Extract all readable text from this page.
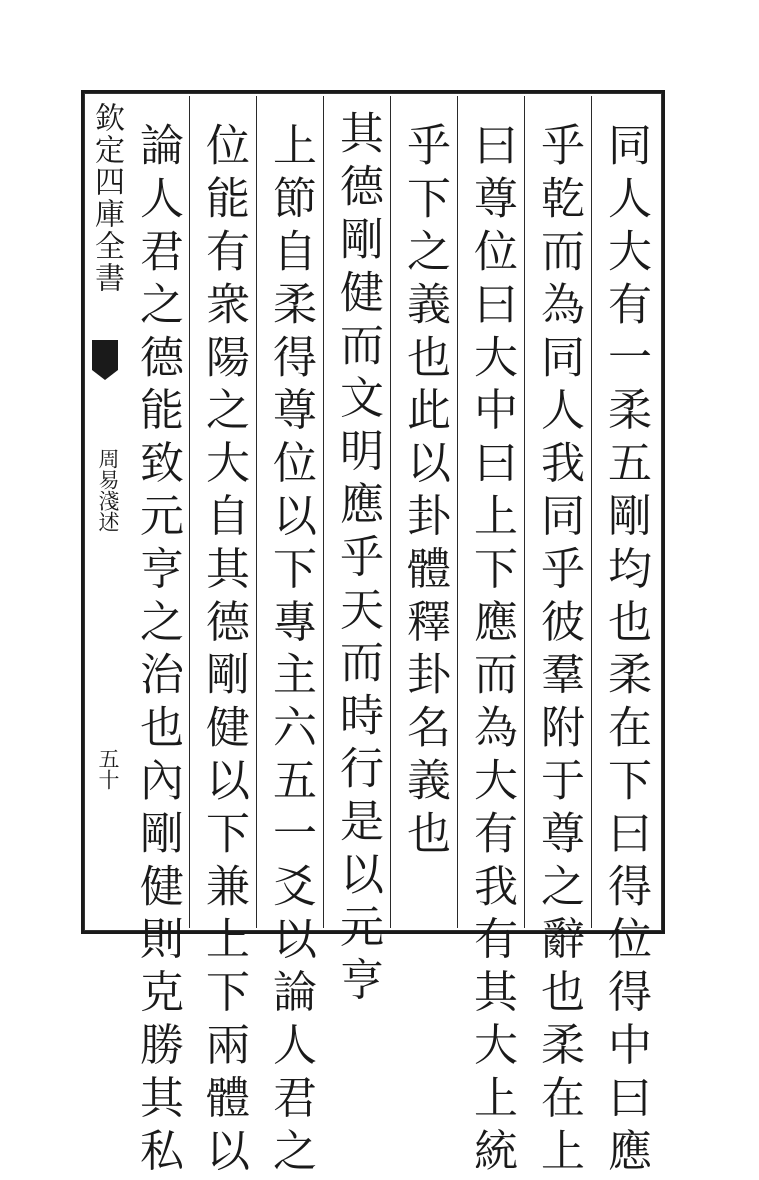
欽定四庫全書
周易淺述
五十	同人大有一柔五剛均也柔在下曰得位得中曰應
乎乾而為同人我同乎彼羣附于尊之辭也柔在上
曰尊位曰大中曰上下應而為大有我有其大上統
乎下之義也此以卦體釋卦名義也
其德剛健而文明應乎天而時行是以元亨
上節自柔得尊位以下專主六五一爻以論人君之
位能有衆陽之大自其德剛健以下兼上下兩體以
論人君之德能致元亨之治也內剛健則克勝其私
